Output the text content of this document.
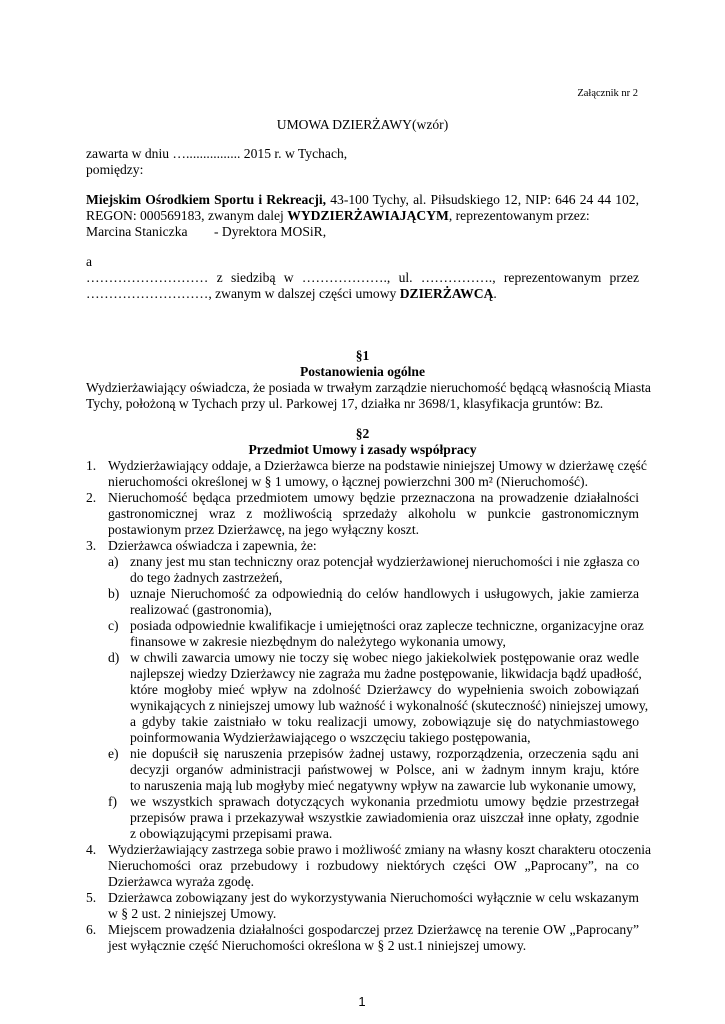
Załącznik nr 2
UMOWA DZIERŻAWY(wzór)
zawarta w dniu …................ 2015 r. w Tychach,
pomiędzy:
Miejskim Ośrodkiem Sportu i Rekreacji, 43-100 Tychy, al. Piłsudskiego 12, NIP: 646 24 44 102,
REGON: 000569183, zwanym dalej WYDZIERŻAWIAJĄCYM, reprezentowanym przez:
Marcina Staniczka - Dyrektora MOSiR,
a
……………………… z siedzibą w ………………., ul. ……………., reprezentowanym przez
………………………, zwanym w dalszej części umowy DZIERŻAWCĄ.
§1
Postanowienia ogólne
Wydzierżawiający oświadcza, że posiada w trwałym zarządzie nieruchomość będącą własnością Miasta
Tychy, położoną w Tychach przy ul. Parkowej 17, działka nr 3698/1, klasyfikacja gruntów: Bz.
§2
Przedmiot Umowy i zasady współpracy
1. Wydzierżawiający oddaje, a Dzierżawca bierze na podstawie niniejszej Umowy w dzierżawę część
nieruchomości określonej w § 1 umowy, o łącznej powierzchni 300 m² (Nieruchomość).
2. Nieruchomość będąca przedmiotem umowy będzie przeznaczona na prowadzenie działalności
gastronomicznej wraz z możliwością sprzedaży alkoholu w punkcie gastronomicznym
postawionym przez Dzierżawcę, na jego wyłączny koszt.
3. Dzierżawca oświadcza i zapewnia, że:
a) znany jest mu stan techniczny oraz potencjał wydzierżawionej nieruchomości i nie zgłasza co
do tego żadnych zastrzeżeń,
b) uznaje Nieruchomość za odpowiednią do celów handlowych i usługowych, jakie zamierza
realizować (gastronomia),
c) posiada odpowiednie kwalifikacje i umiejętności oraz zaplecze techniczne, organizacyjne oraz
finansowe w zakresie niezbędnym do należytego wykonania umowy,
d) w chwili zawarcia umowy nie toczy się wobec niego jakiekolwiek postępowanie oraz wedle
najlepszej wiedzy Dzierżawcy nie zagraża mu żadne postępowanie, likwidacja bądź upadłość,
które mogłoby mieć wpływ na zdolność Dzierżawcy do wypełnienia swoich zobowiązań
wynikających z niniejszej umowy lub ważność i wykonalność (skuteczność) niniejszej umowy,
a gdyby takie zaistniało w toku realizacji umowy, zobowiązuje się do natychmiastowego
poinformowania Wydzierżawiającego o wszczęciu takiego postępowania,
e) nie dopuścił się naruszenia przepisów żadnej ustawy, rozporządzenia, orzeczenia sądu ani
decyzji organów administracji państwowej w Polsce, ani w żadnym innym kraju, które
to naruszenia mają lub mogłyby mieć negatywny wpływ na zawarcie lub wykonanie umowy,
f) we wszystkich sprawach dotyczących wykonania przedmiotu umowy będzie przestrzegał
przepisów prawa i przekazywał wszystkie zawiadomienia oraz uiszczał inne opłaty, zgodnie
z obowiązującymi przepisami prawa.
4. Wydzierżawiający zastrzega sobie prawo i możliwość zmiany na własny koszt charakteru otoczenia
Nieruchomości oraz przebudowy i rozbudowy niektórych części OW „Paprocany”, na co
Dzierżawca wyraża zgodę.
5. Dzierżawca zobowiązany jest do wykorzystywania Nieruchomości wyłącznie w celu wskazanym
w § 2 ust. 2 niniejszej Umowy.
6. Miejscem prowadzenia działalności gospodarczej przez Dzierżawcę na terenie OW „Paprocany”
jest wyłącznie część Nieruchomości określona w § 2 ust.1 niniejszej umowy.
1
